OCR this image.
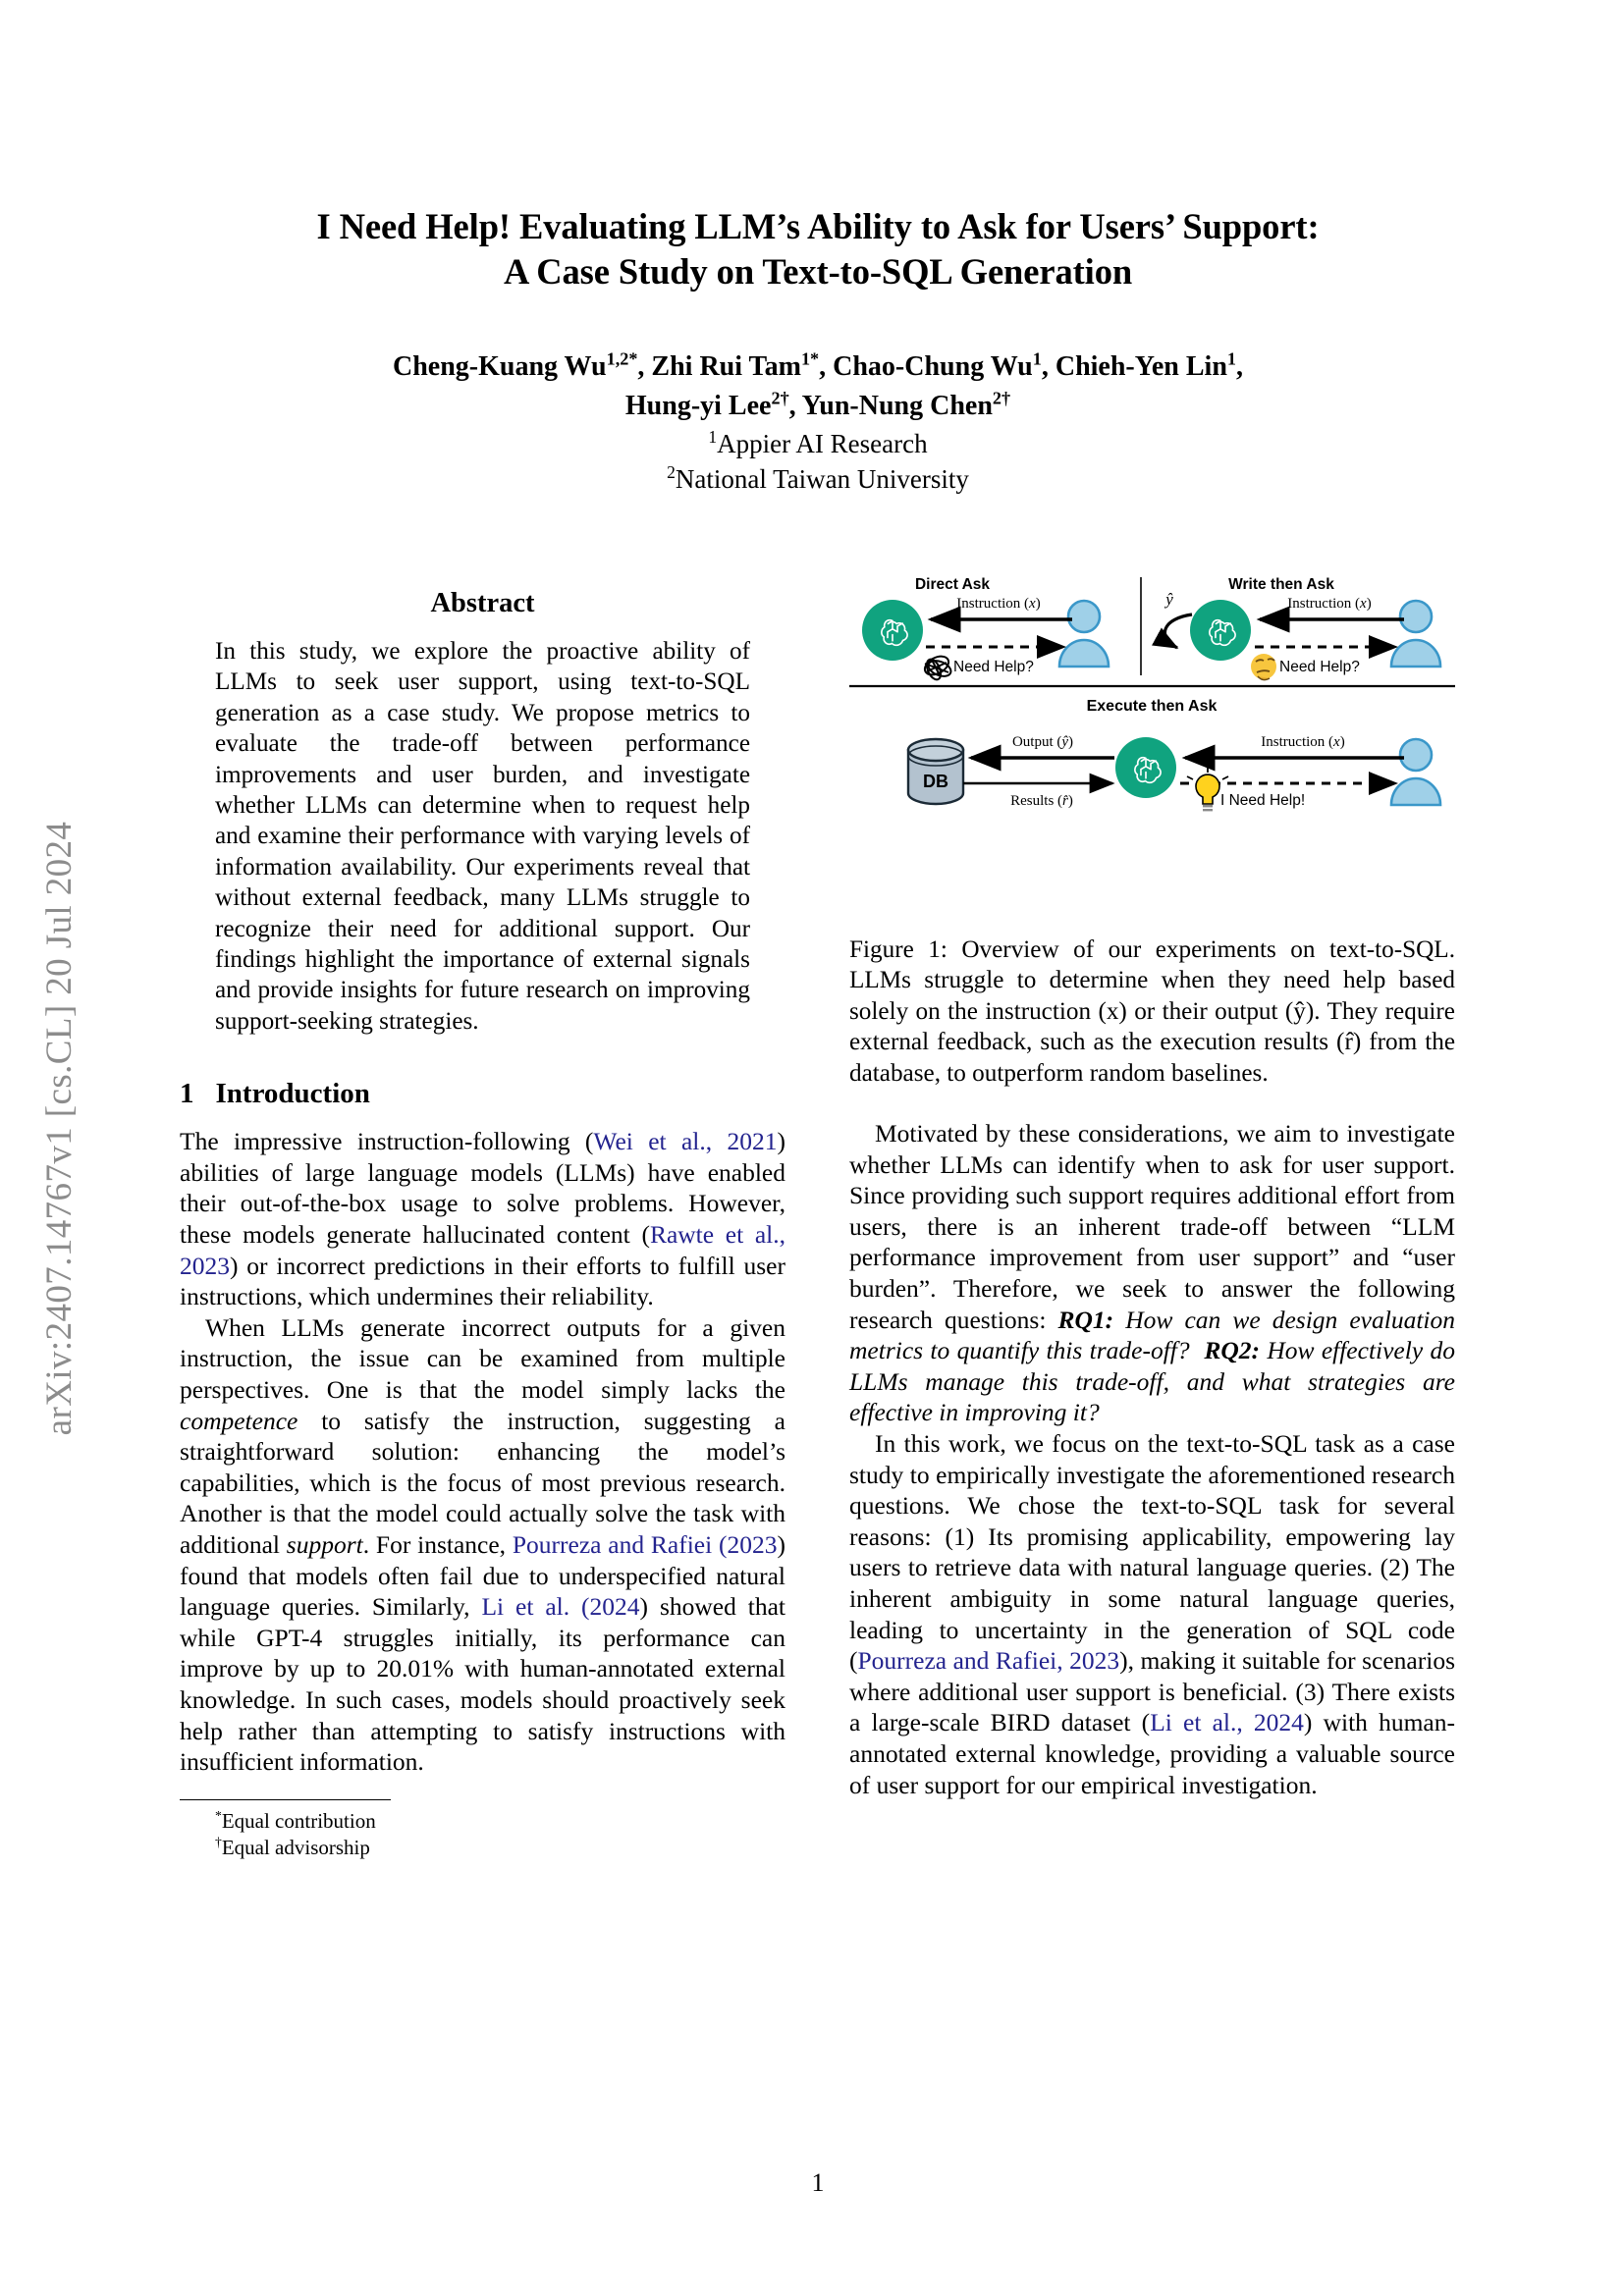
arXiv:2407.14767v1 [cs.CL] 20 Jul 2024
I Need Help! Evaluating LLM’s Ability to Ask for Users’ Support:
A Case Study on Text-to-SQL Generation
Cheng-Kuang $Wu^{1,2*}$, Zhi Rui Tam$^{1*}$, Chao-Chung Wu$^1$, Chieh-Yen Lin$^1$,
Hung-yi Lee$^{2\dagger}$, Yun-Nung Chen$^{2\dagger}$
$^1$Appier AI Research
$^2$National Taiwan University
Abstract

In this study, we explore the proactive ability of LLMs to seek user support, using text-to-SQL generation as a case study. We propose metrics to evaluate the trade-off between performance improvements and user burden, and investigate whether LLMs can determine when to request help and examine their performance with varying levels of information availability. Our experiments reveal that without external feedback, many LLMs struggle to recognize their need for additional support. Our findings highlight the importance of external signals and provide insights for future research on improving support-seeking strategies.

1 Introduction

The impressive instruction-following (Wei et al., 2021) abilities of large language models (LLMs) have enabled their out-of-the-box usage to solve problems. However, these models generate hallucinated content (Rawte et al., 2023) or incorrect predictions in their efforts to fulfill user instructions, which undermines their reliability.

When LLMs generate incorrect outputs for a given instruction, the issue can be examined from multiple perspectives. One is that the model simply lacks the competence to satisfy the instruction, suggesting a straightforward solution: enhancing the model’s capabilities, which is the focus of most previous research. Another is that the model could actually solve the task with additional support. For instance, Pourreza and Rafiei (2023) found that models often fail due to underspecified natural language queries. Similarly, Li et al. (2024) showed that while GPT-4 struggles initially, its performance can improve by up to 20.01% with human-annotated external knowledge. In such cases, models should proactively seek help rather than attempting to satisfy instructions with insufficient information.

*Equal contribution
†Equal advisorship
Direct Ask	Write then Ask
Instruction (x)
Need Help?
ŷ	Instruction (x)
Need Help?
Execute then Ask
DB
Output (ŷ)
Results (r̂)
Instruction (x)
I Need Help!

Figure 1: Overview of our experiments on text-to-SQL. LLMs struggle to determine when they need help based solely on the instruction (x) or their output (ŷ). They require external feedback, such as the execution results (r̂) from the database, to outperform random baselines.

Motivated by these considerations, we aim to investigate whether LLMs can identify when to ask for user support. Since providing such support requires additional effort from users, there is an inherent trade-off between “LLM performance improvement from user support” and “user burden”. Therefore, we seek to answer the following research questions: RQ1: How can we design evaluation metrics to quantify this trade-off? RQ2: How effectively do LLMs manage this trade-off, and what strategies are effective in improving it?

In this work, we focus on the text-to-SQL task as a case study to empirically investigate the aforementioned research questions. We chose the text-to-SQL task for several reasons: (1) Its promising applicability, empowering lay users to retrieve data with natural language queries. (2) The inherent ambiguity in some natural language queries, leading to uncertainty in the generation of SQL code (Pourreza and Rafiei, 2023), making it suitable for scenarios where additional user support is beneficial. (3) There exists a large-scale BIRD dataset (Li et al., 2024) with human-annotated external knowledge, providing a valuable source of user support for our empirical investigation.

1
